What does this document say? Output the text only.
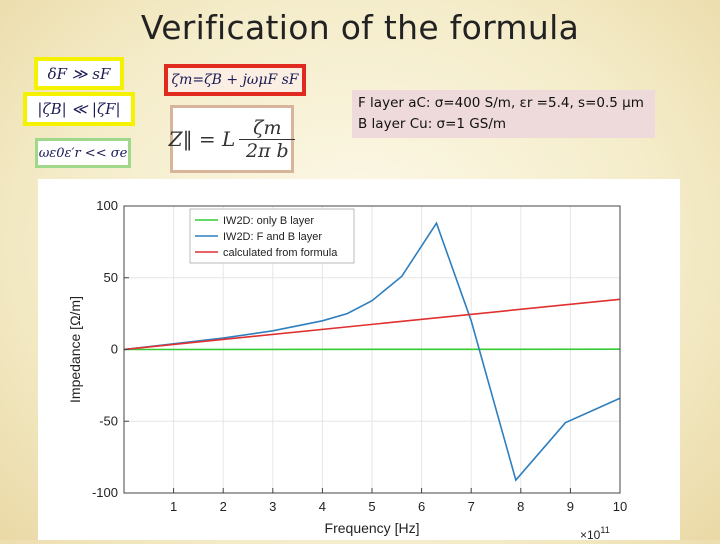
Verification of the formula
δF ≫ sF
|ζB| ≪ |ζF|
ωε0ε′r << σe
ζm=ζB + jωμF sF
Z‖ = L ζm
2π b
F layer aC: σ=400 S/m, εr =5.4, s=0.5 μm
B layer Cu: σ=1 GS/m
1	2	3	4	5	6	7	8	9	10
100
50
0
-50
-100
Frequency [Hz]
Impedance [Ω/m]
$\times 10^{11}$
IW2D: only B layer
IW2D: F and B layer
calculated from formula
